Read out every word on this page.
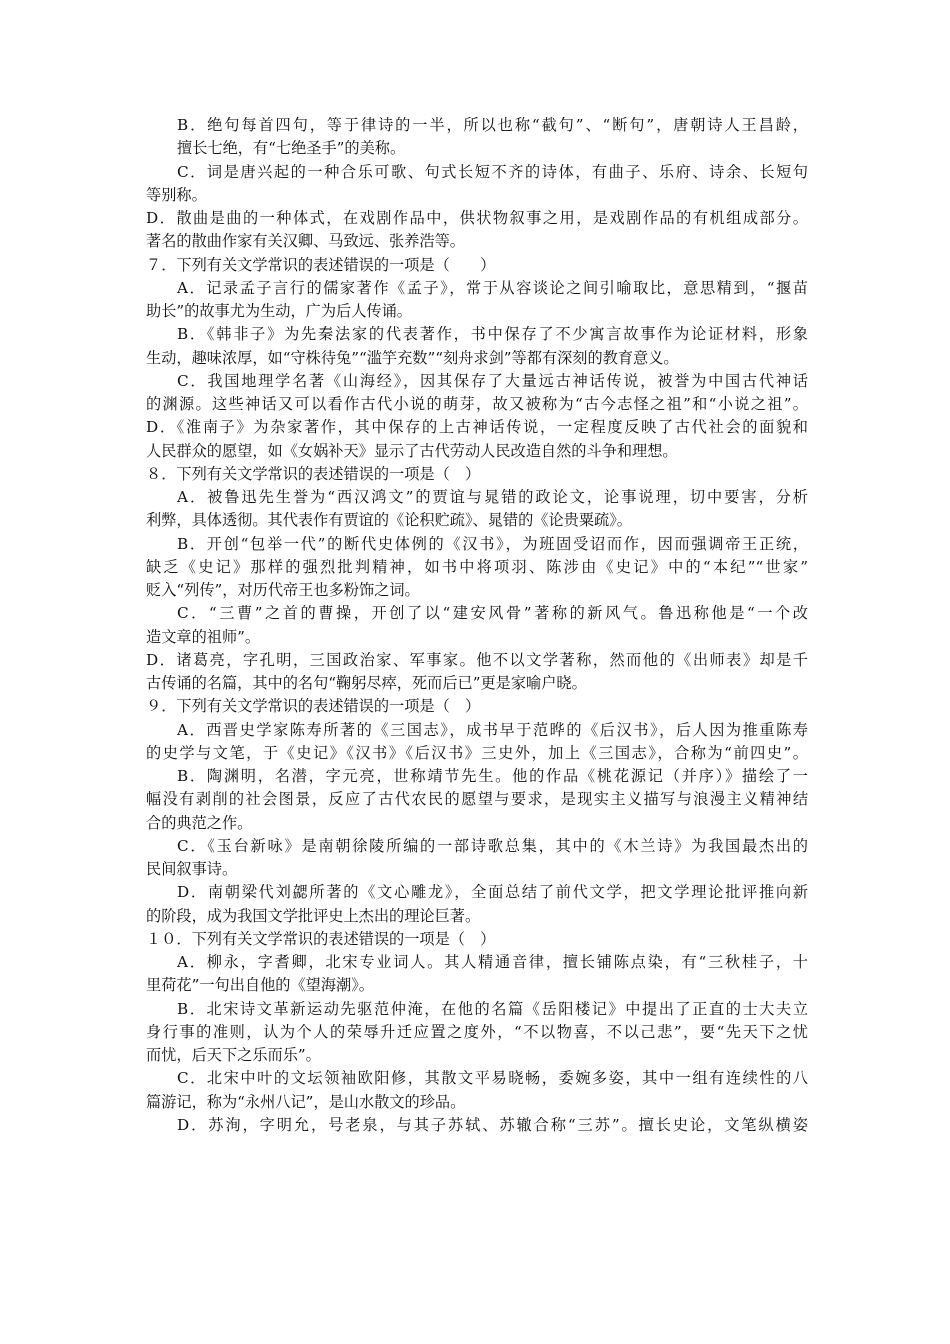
B．绝句每首四句，等于律诗的一半，所以也称“截句”、“断句”，唐朝诗人王昌龄，
擅长七绝，有“七绝圣手”的美称。
C．词是唐兴起的一种合乐可歌、句式长短不齐的诗体，有曲子、乐府、诗余、长短句
等别称。
D．散曲是曲的一种体式，在戏剧作品中，供状物叙事之用，是戏剧作品的有机组成部分。
著名的散曲作家有关汉卿、马致远、张养浩等。
７．下列有关文学常识的表述错误的一项是（　　）
A．记录孟子言行的儒家著作《孟子》，常于从容谈论之间引喻取比，意思精到，“揠苗
助长”的故事尤为生动，广为后人传诵。
B．《韩非子》为先秦法家的代表著作，书中保存了不少寓言故事作为论证材料，形象
生动，趣味浓厚，如“守株待兔”“滥竽充数”“刻舟求剑”等都有深刻的教育意义。
C．我国地理学名著《山海经》，因其保存了大量远古神话传说，被誉为中国古代神话
的渊源。这些神话又可以看作古代小说的萌芽，故又被称为“古今志怪之祖”和“小说之祖”。
D．《淮南子》为杂家著作，其中保存的上古神话传说，一定程度反映了古代社会的面貌和
人民群众的愿望，如《女娲补天》显示了古代劳动人民改造自然的斗争和理想。
８．下列有关文学常识的表述错误的一项是（　）
A．被鲁迅先生誉为“西汉鸿文”的贾谊与晁错的政论文，论事说理，切中要害，分析
利弊，具体透彻。其代表作有贾谊的《论积贮疏》、晁错的《论贵粟疏》。
B．开创“包举一代”的断代史体例的《汉书》，为班固受诏而作，因而强调帝王正统，
缺乏《史记》那样的强烈批判精神，如书中将项羽、陈涉由《史记》中的“本纪”“世家”
贬入“列传”，对历代帝王也多粉饰之词。
C．“三曹”之首的曹操，开创了以“建安风骨”著称的新风气。鲁迅称他是“一个改
造文章的祖师”。
D．诸葛亮，字孔明，三国政治家、军事家。他不以文学著称，然而他的《出师表》却是千
古传诵的名篇，其中的名句“鞠躬尽瘁，死而后已”更是家喻户晓。
９．下列有关文学常识的表述错误的一项是（　）
A．西晋史学家陈寿所著的《三国志》，成书早于范晔的《后汉书》，后人因为推重陈寿
的史学与文笔，于《史记》《汉书》《后汉书》三史外，加上《三国志》，合称为“前四史”。
B．陶渊明，名潜，字元亮，世称靖节先生。他的作品《桃花源记（并序）》描绘了一
幅没有剥削的社会图景，反应了古代农民的愿望与要求，是现实主义描写与浪漫主义精神结
合的典范之作。
C．《玉台新咏》是南朝徐陵所编的一部诗歌总集，其中的《木兰诗》为我国最杰出的
民间叙事诗。
D．南朝梁代刘勰所著的《文心雕龙》，全面总结了前代文学，把文学理论批评推向新
的阶段，成为我国文学批评史上杰出的理论巨著。
１０．下列有关文学常识的表述错误的一项是（　）
A．柳永，字耆卿，北宋专业词人。其人精通音律，擅长铺陈点染，有“三秋桂子，十
里荷花”一句出自他的《望海潮》。
B．北宋诗文革新运动先驱范仲淹，在他的名篇《岳阳楼记》中提出了正直的士大夫立
身行事的准则，认为个人的荣辱升迁应置之度外，“不以物喜，不以己悲”，要“先天下之忧
而忧，后天下之乐而乐”。
C．北宋中叶的文坛领袖欧阳修，其散文平易晓畅，委婉多姿，其中一组有连续性的八
篇游记，称为“永州八记”，是山水散文的珍品。
D．苏洵，字明允，号老泉，与其子苏轼、苏辙合称“三苏”。擅长史论，文笔纵横姿
